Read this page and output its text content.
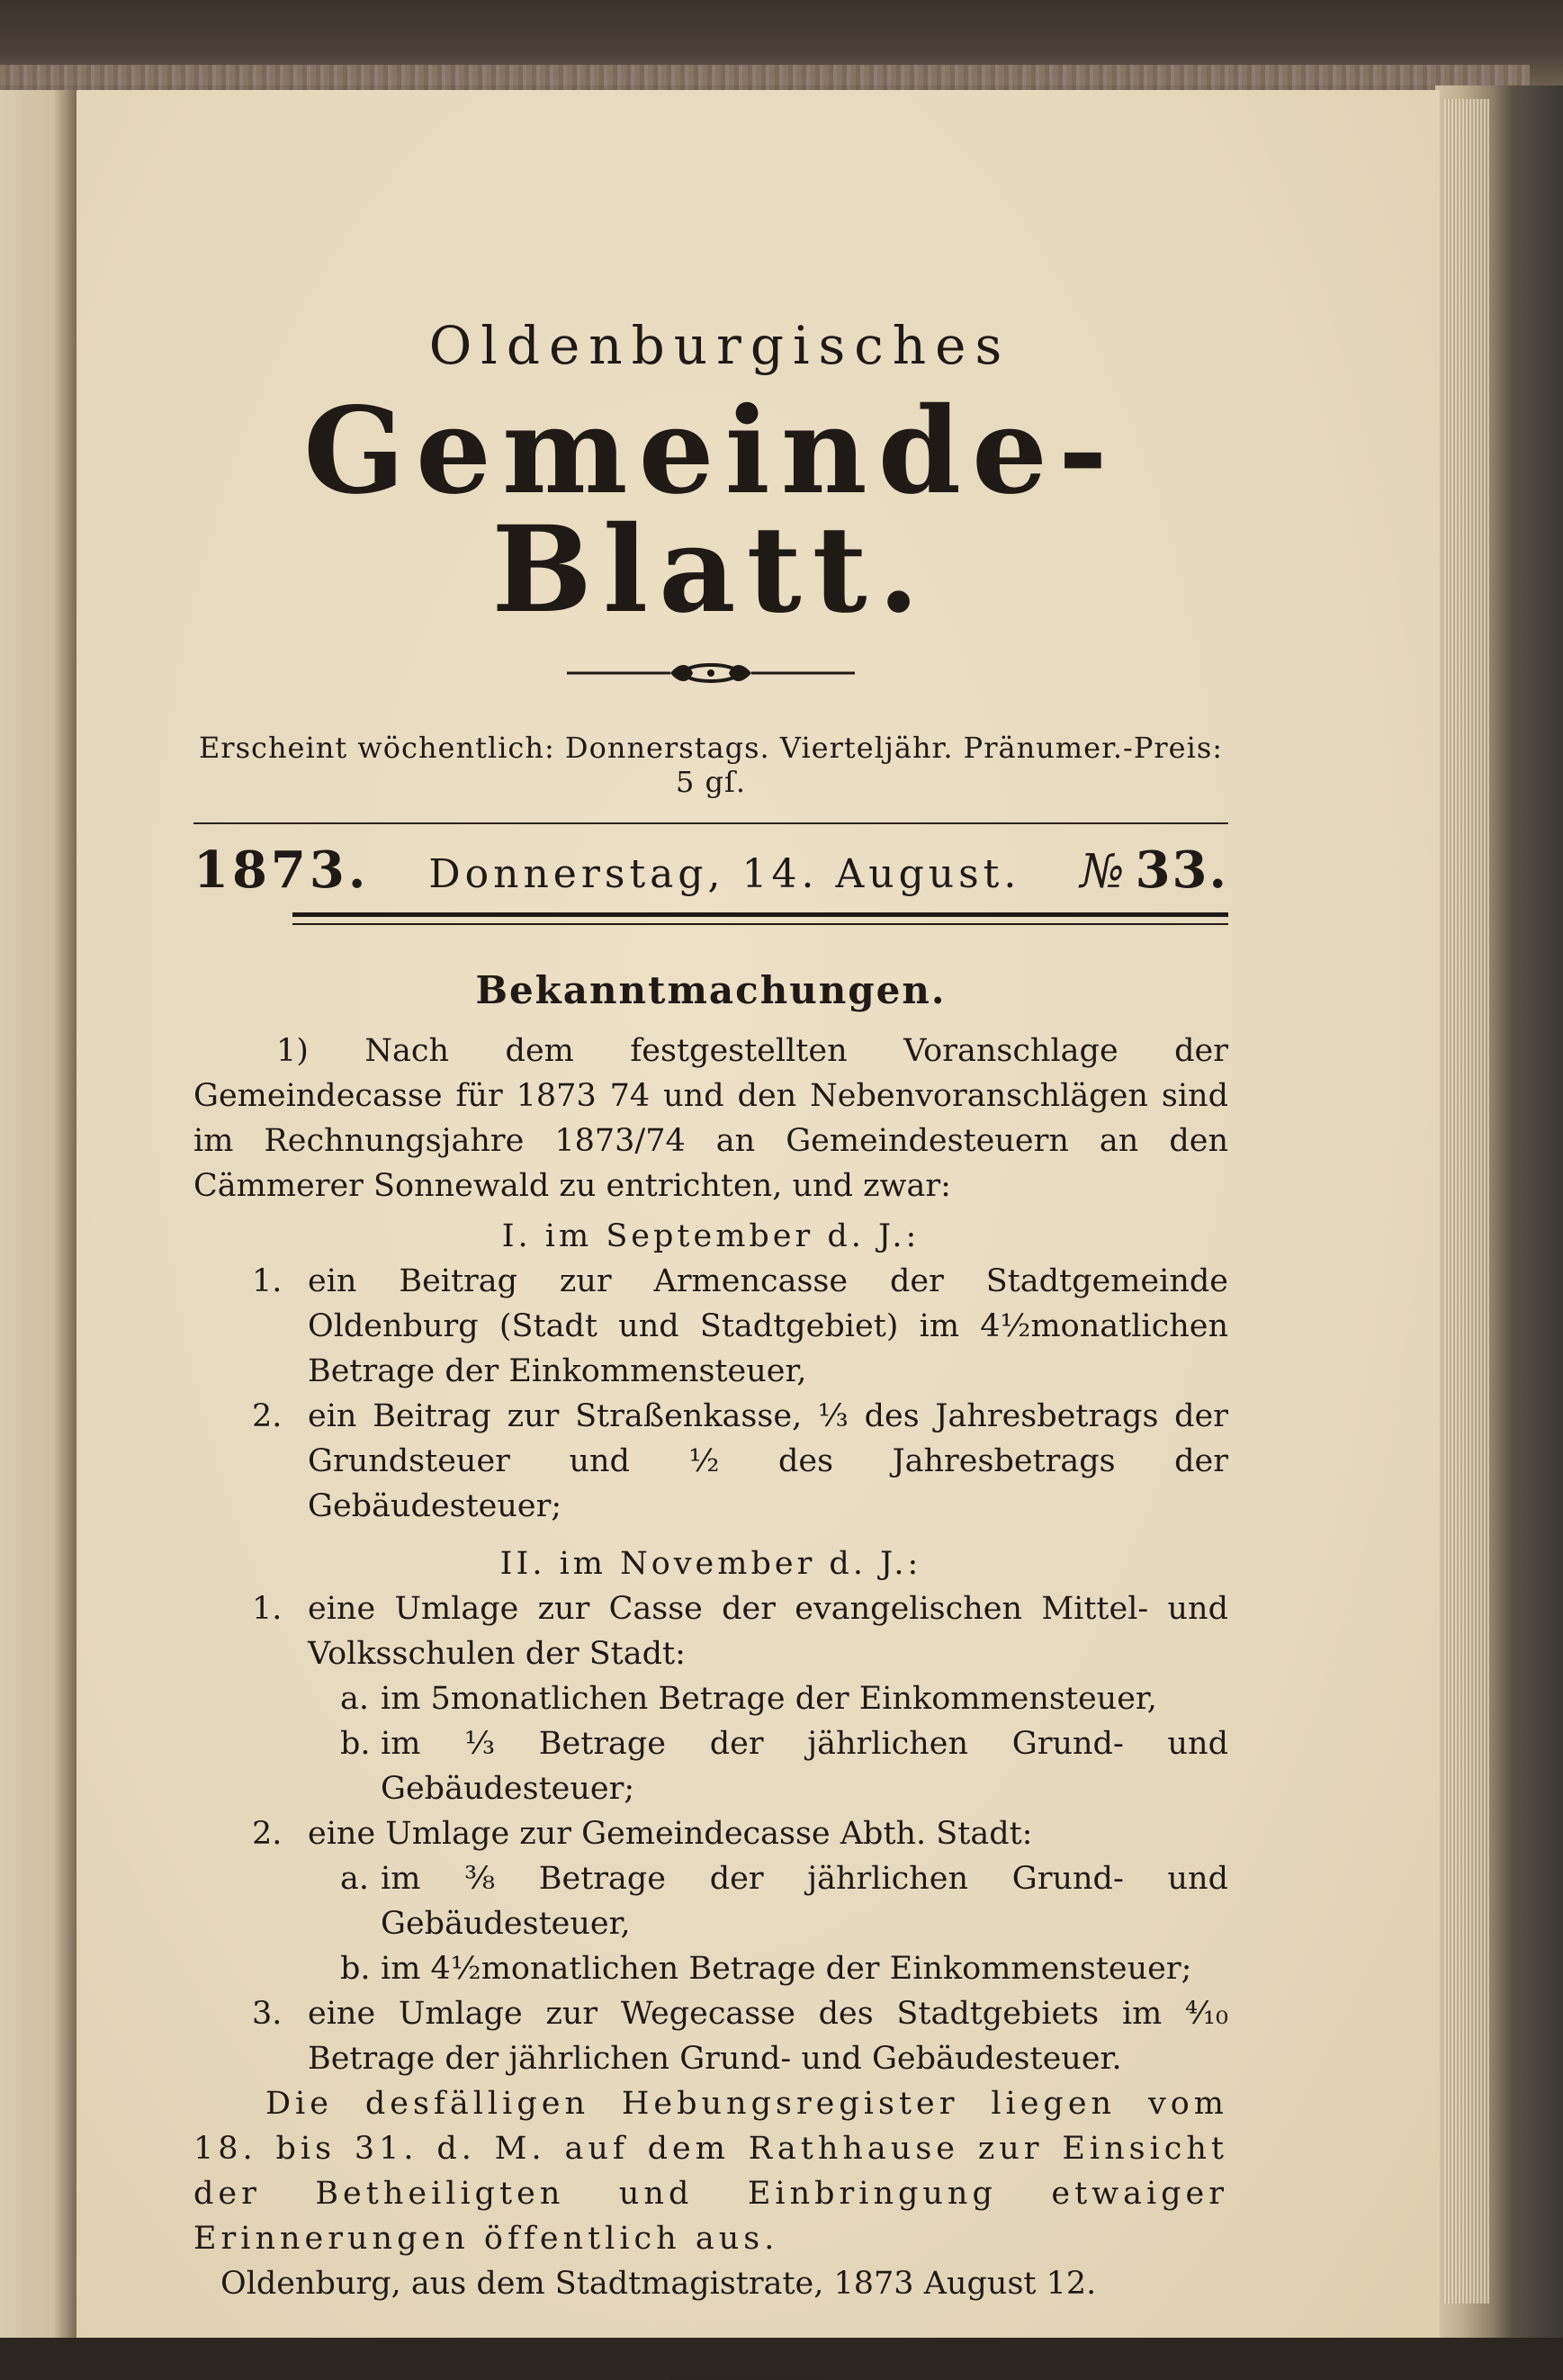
Oldenburgisches
Gemeinde-Blatt.
Erscheint wöchentlich: Donnerstags. Vierteljähr. Pränumer.-Preis: 5 gſ.
1873. Donnerstag, 14. August. № 33.
Bekanntmachungen.
1) Nach dem festgestellten Voranschlage der Gemeindecasse für 1873 74 und den Nebenvoranschlägen sind im Rechnungsjahre 1873/74 an Gemeindesteuern an den Cämmerer Sonnewald zu entrichten, und zwar:
I. im September d. J.:
1. ein Beitrag zur Armencasse der Stadtgemeinde Oldenburg (Stadt und Stadtgebiet) im 4½monatlichen Betrage der Einkommensteuer,
2. ein Beitrag zur Straßenkasse, ⅓ des Jahresbetrags der Grundsteuer und ½ des Jahresbetrags der Gebäudesteuer;
II. im November d. J.:
1. eine Umlage zur Casse der evangelischen Mittel- und Volksschulen der Stadt:
a. im 5monatlichen Betrage der Einkommensteuer,
b. im ⅓ Betrage der jährlichen Grund- und Gebäudesteuer;
2. eine Umlage zur Gemeindecasse Abth. Stadt:
a. im ⅜ Betrage der jährlichen Grund- und Gebäudesteuer,
b. im 4½monatlichen Betrage der Einkommensteuer;
3. eine Umlage zur Wegecasse des Stadtgebiets im ⁴⁄₁₀ Betrage der jährlichen Grund- und Gebäudesteuer.
Die desfälligen Hebungsregister liegen vom 18. bis 31. d. M. auf dem Rathhause zur Einsicht der Betheiligten und Einbringung etwaiger Erinnerungen öffentlich aus.
Oldenburg, aus dem Stadtmagistrate, 1873 August 12.
